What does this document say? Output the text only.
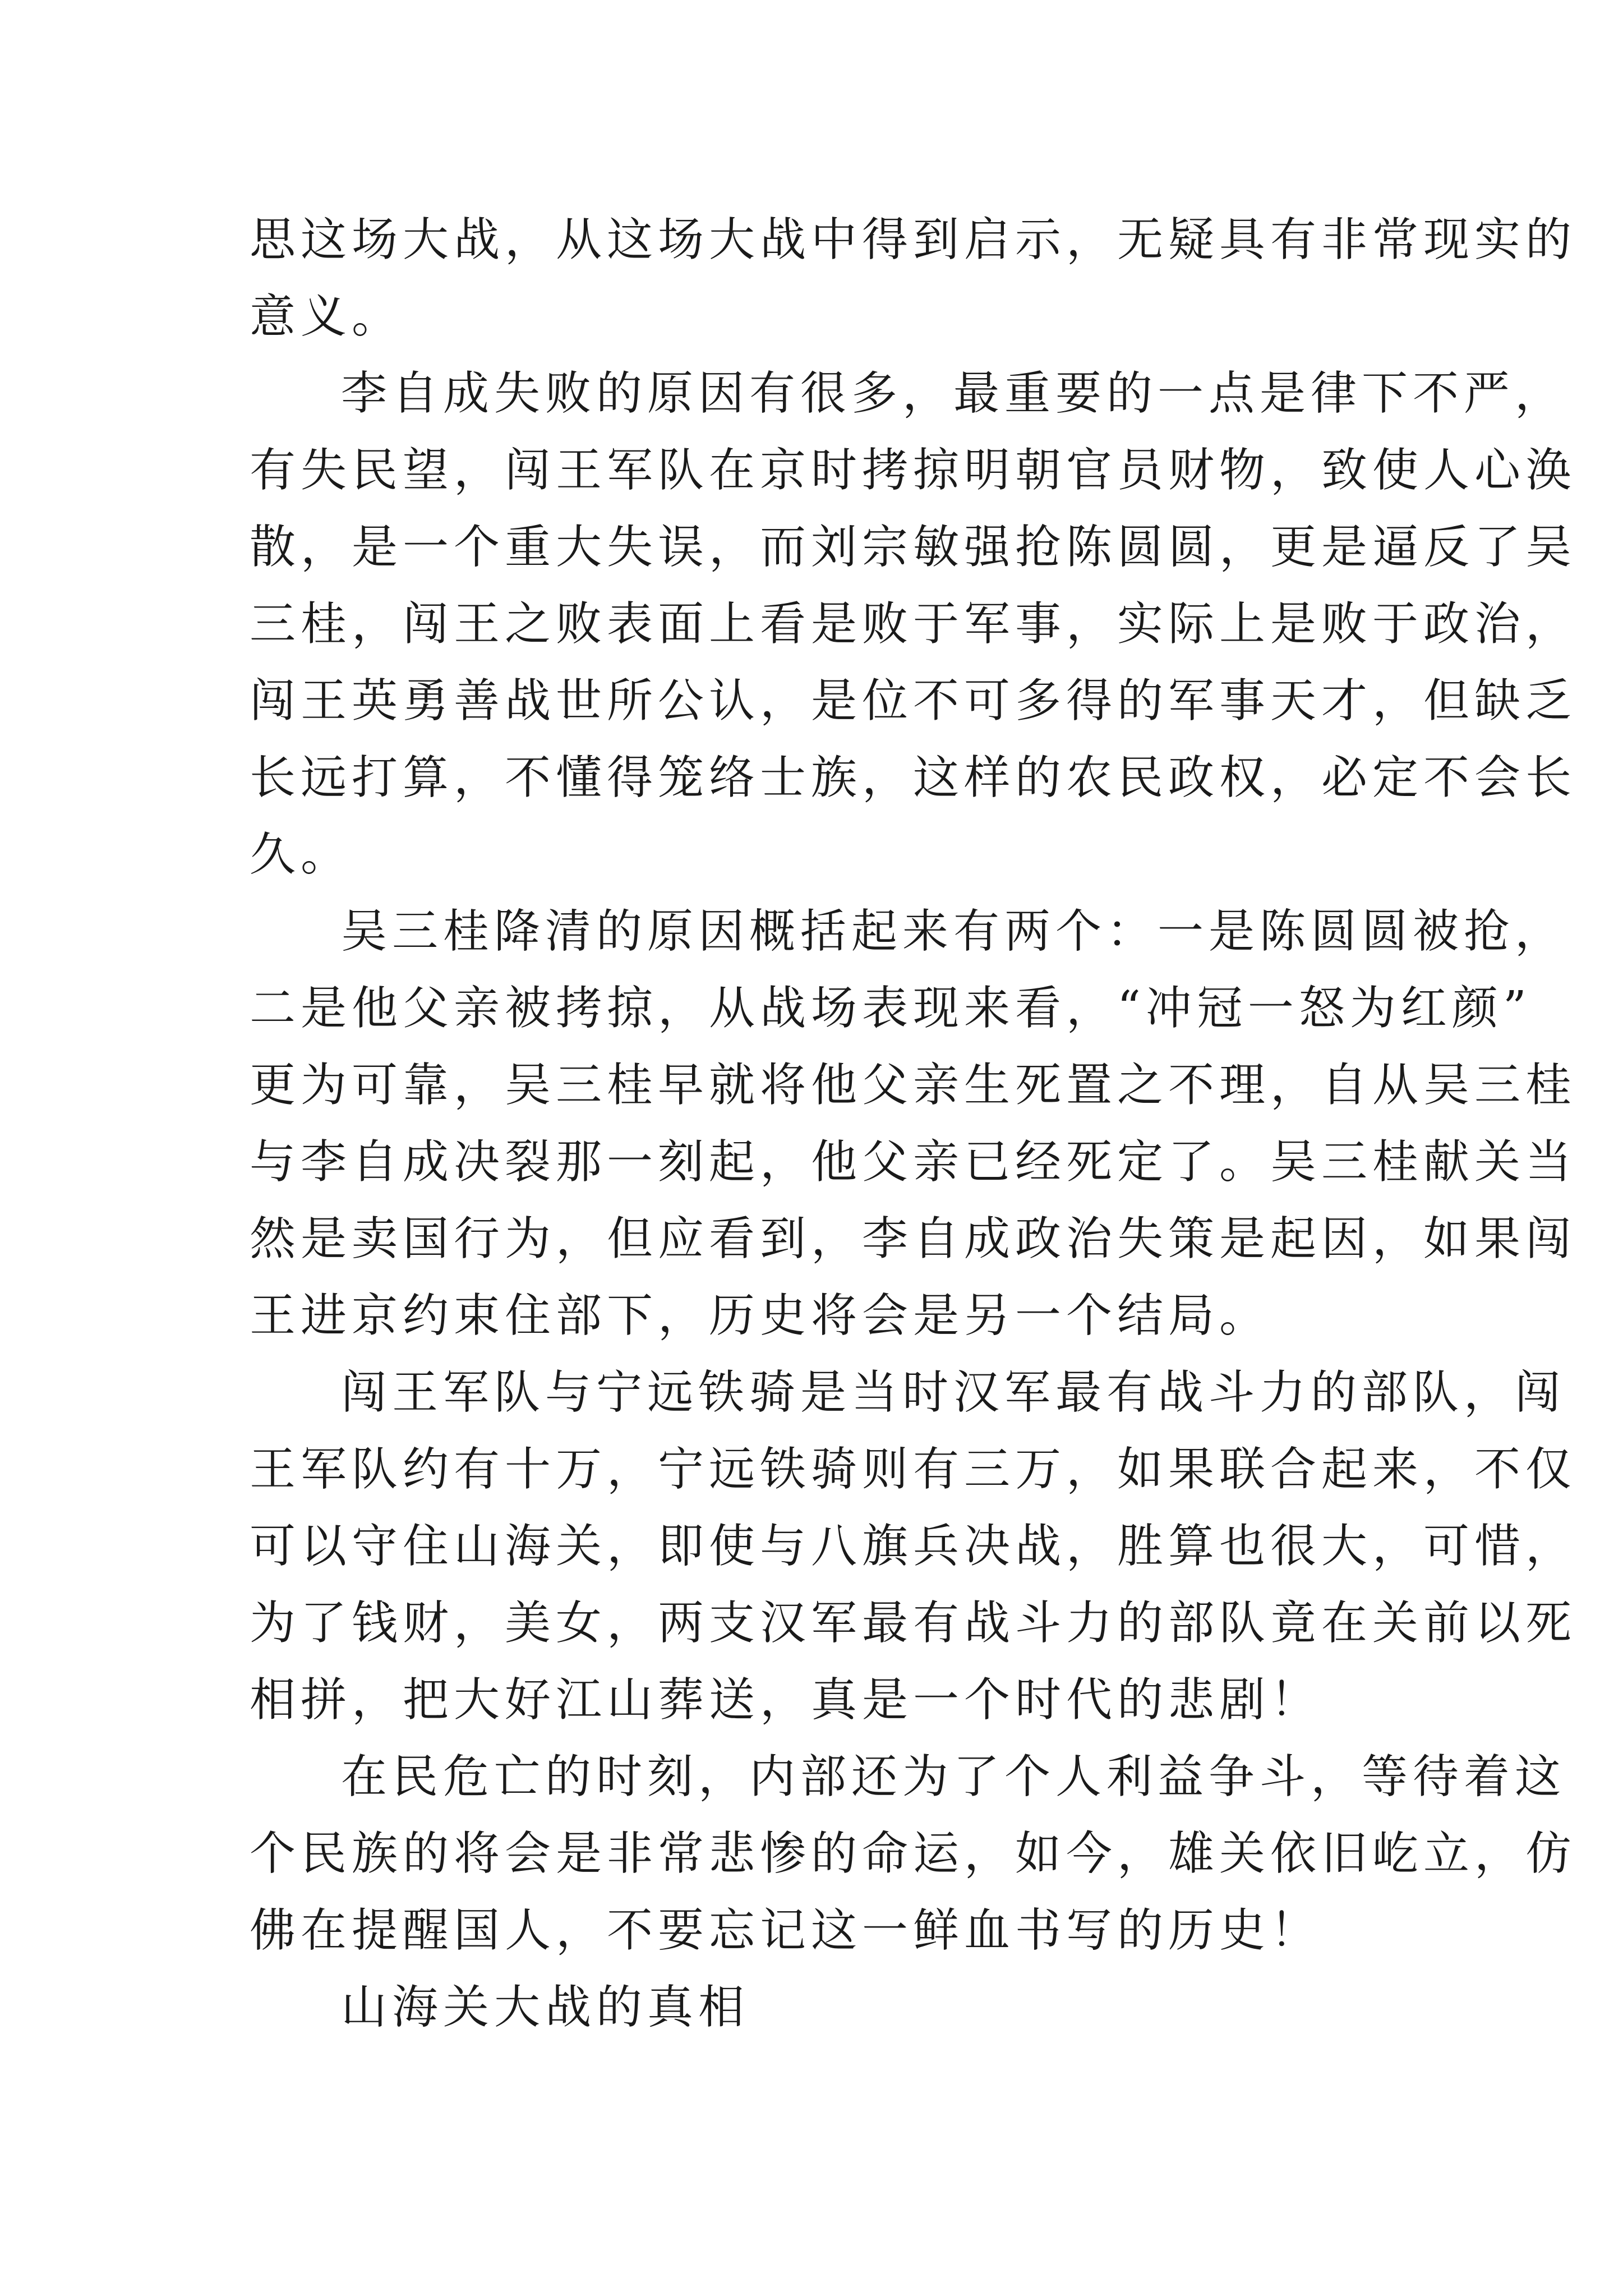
思这场大战，从这场大战中得到启示，无疑具有非常现实的
意义。
李自成失败的原因有很多，最重要的一点是律下不严，
有失民望，闯王军队在京时拷掠明朝官员财物，致使人心涣
散，是一个重大失误，而刘宗敏强抢陈圆圆，更是逼反了吴
三桂，闯王之败表面上看是败于军事，实际上是败于政治，
闯王英勇善战世所公认，是位不可多得的军事天才，但缺乏
长远打算，不懂得笼络士族，这样的农民政权，必定不会长
久。
吴三桂降清的原因概括起来有两个：一是陈圆圆被抢，
二是他父亲被拷掠，从战场表现来看，“冲冠一怒为红颜”
更为可靠，吴三桂早就将他父亲生死置之不理，自从吴三桂
与李自成决裂那一刻起，他父亲已经死定了。吴三桂献关当
然是卖国行为，但应看到，李自成政治失策是起因，如果闯
王进京约束住部下，历史将会是另一个结局。
闯王军队与宁远铁骑是当时汉军最有战斗力的部队，闯
王军队约有十万，宁远铁骑则有三万，如果联合起来，不仅
可以守住山海关，即使与八旗兵决战，胜算也很大，可惜，
为了钱财，美女，两支汉军最有战斗力的部队竟在关前以死
相拼，把大好江山葬送，真是一个时代的悲剧！
在民危亡的时刻，内部还为了个人利益争斗，等待着这
个民族的将会是非常悲惨的命运，如今，雄关依旧屹立，仿
佛在提醒国人，不要忘记这一鲜血书写的历史！
山海关大战的真相
